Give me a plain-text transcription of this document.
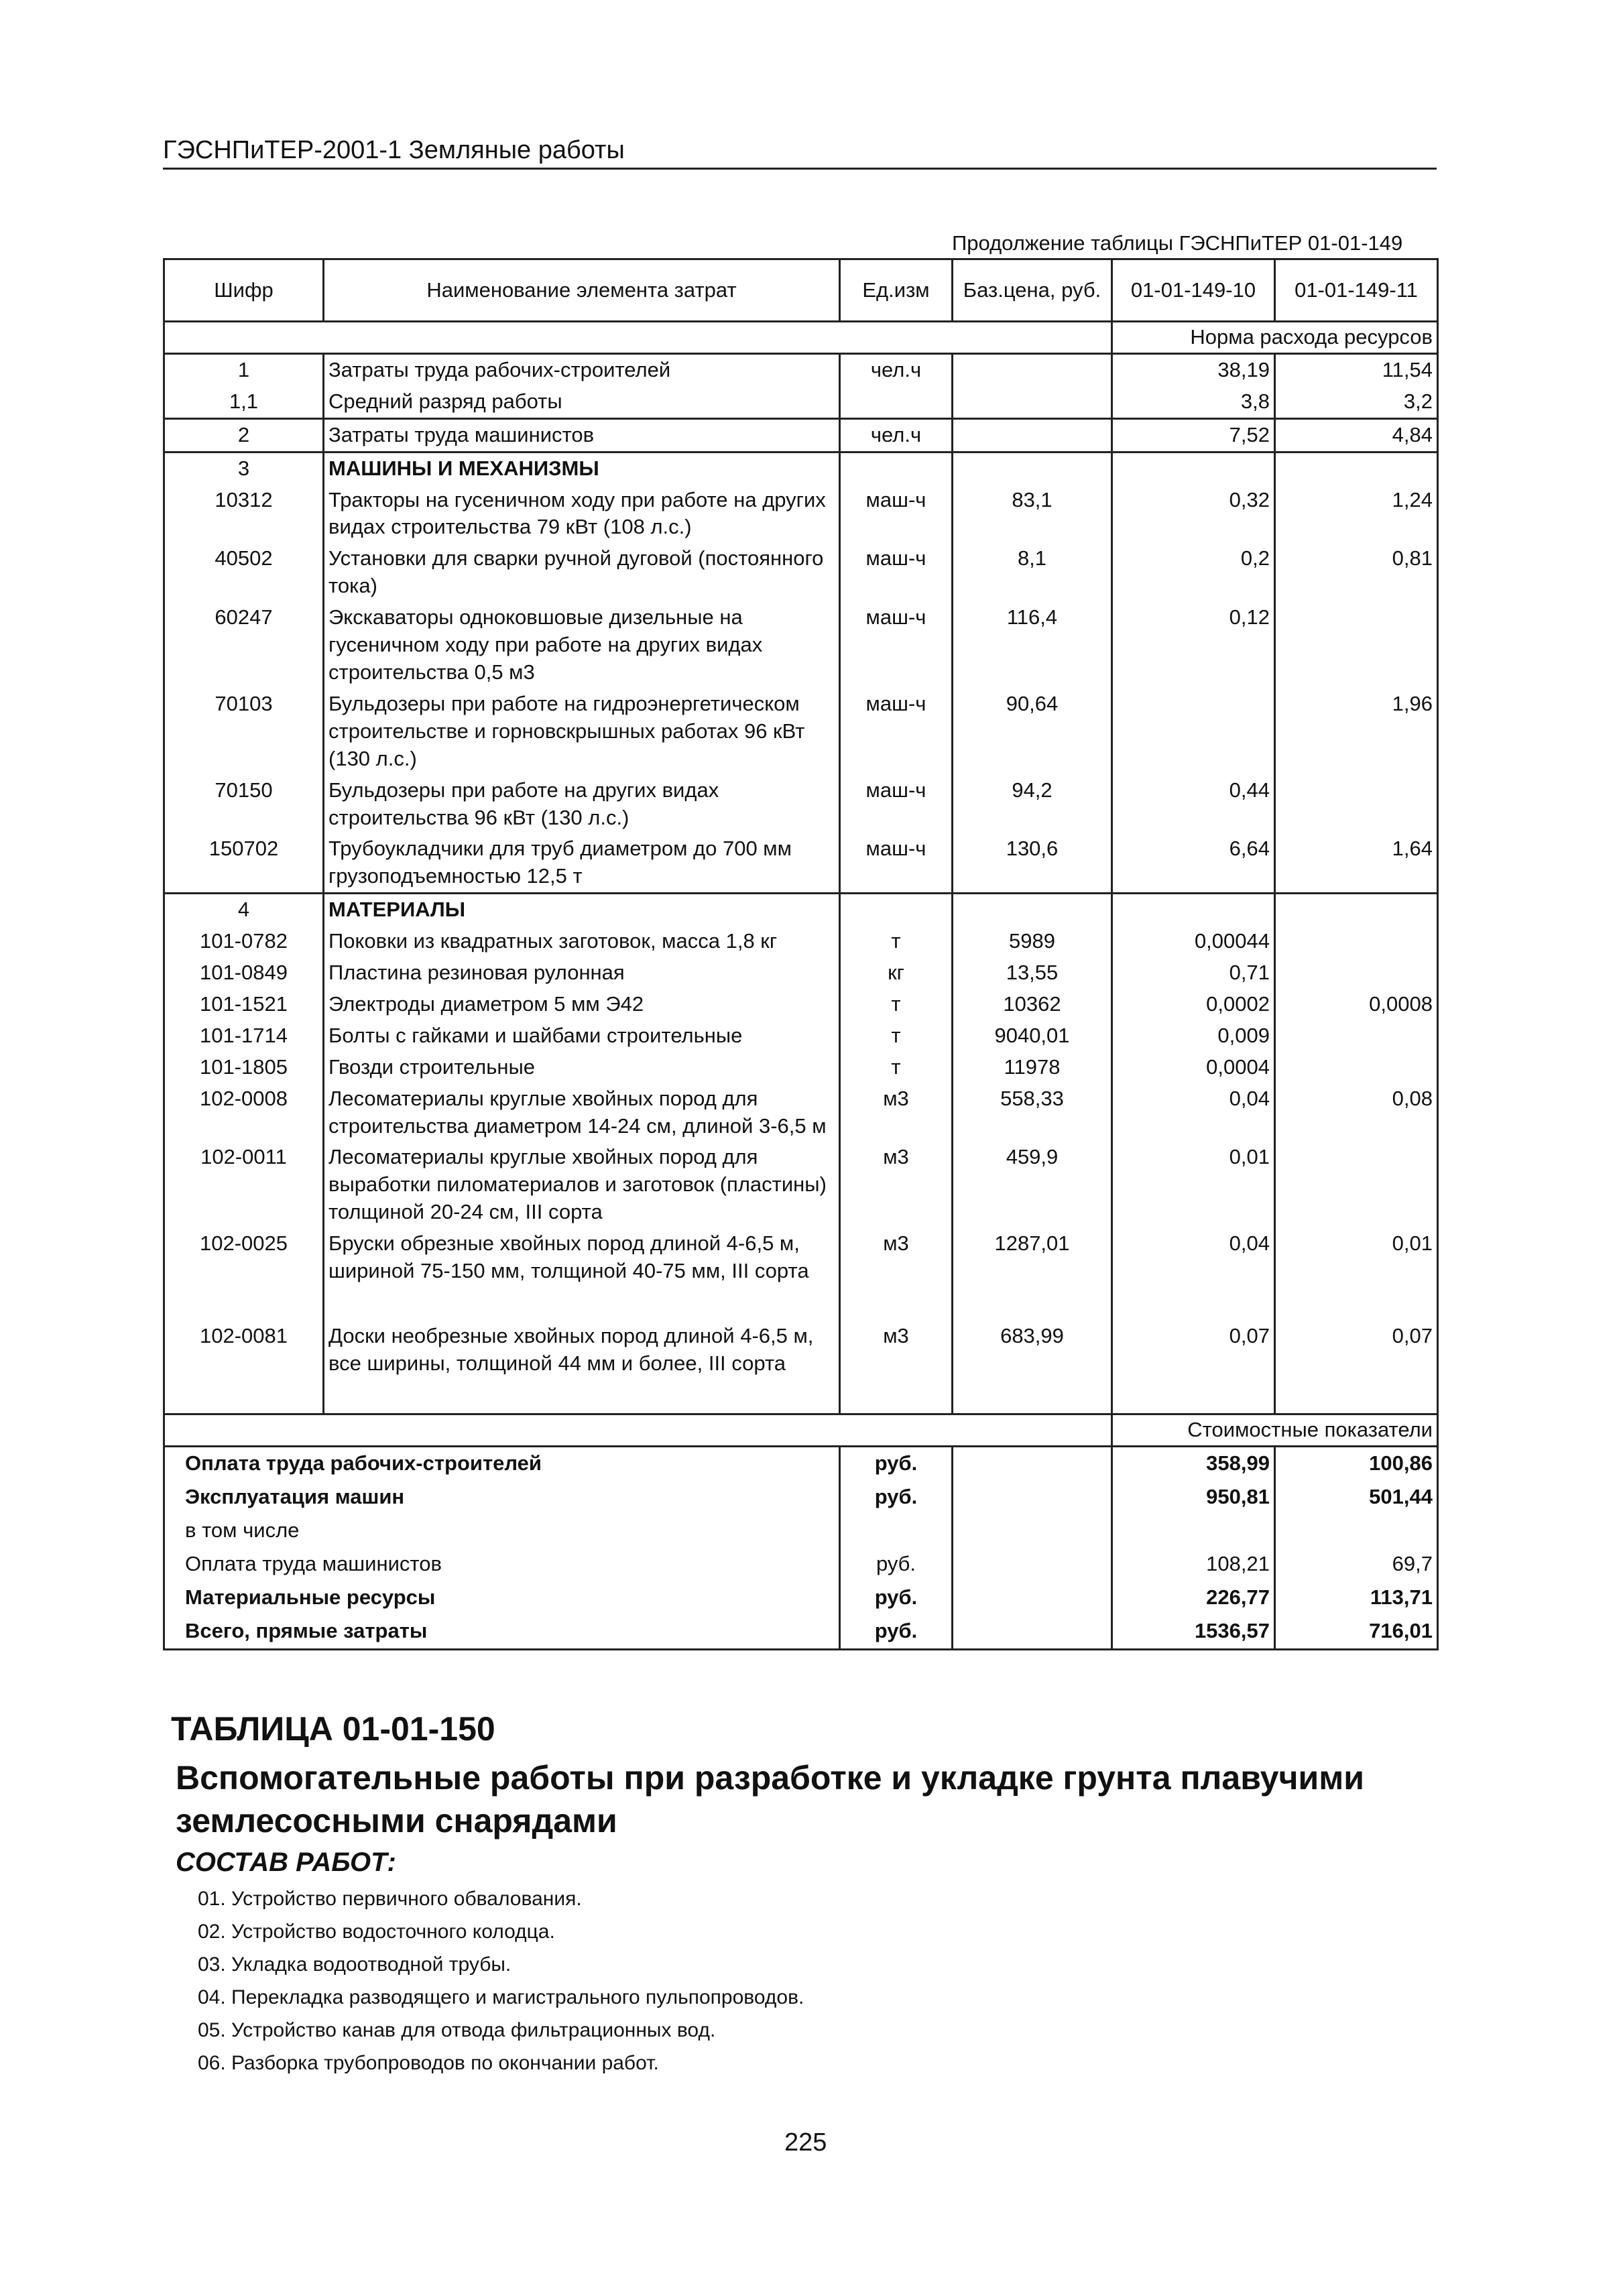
ГЭСНПиТЕР-2001-1 Земляные работы
Продолжение таблицы ГЭСНПиТЕР 01-01-149
Шифр	Наименование элемента затрат	Ед.изм	Баз.цена, руб.	01-01-149-10	01-01-149-11
				Норма расхода ресурсов	
1	Затраты труда рабочих-строителей	чел.ч		38,19	11,54
1,1	Средний разряд работы			3,8	3,2
2	Затраты труда машинистов	чел.ч		7,52	4,84
3	МАШИНЫ И МЕХАНИЗМЫ				
10312	Тракторы на гусеничном ходу при работе на других видах строительства 79 кВт (108 л.с.)	маш-ч	83,1	0,32	1,24
40502	Установки для сварки ручной дуговой (постоянного тока)	маш-ч	8,1	0,2	0,81
60247	Экскаваторы одноковшовые дизельные на гусеничном ходу при работе на других видах строительства 0,5 м3	маш-ч	116,4	0,12	
70103	Бульдозеры при работе на гидроэнергетическом строительстве и горновскрышных работах 96 кВт (130 л.с.)	маш-ч	90,64		1,96
70150	Бульдозеры при работе на других видах строительства 96 кВт (130 л.с.)	маш-ч	94,2	0,44	
150702	Трубоукладчики для труб диаметром до 700 мм грузоподъемностью 12,5 т	маш-ч	130,6	6,64	1,64
4	МАТЕРИАЛЫ				
101-0782	Поковки из квадратных заготовок, масса 1,8 кг	т	5989	0,00044	
101-0849	Пластина резиновая рулонная	кг	13,55	0,71	
101-1521	Электроды диаметром 5 мм Э42	т	10362	0,0002	0,0008
101-1714	Болты с гайками и шайбами строительные	т	9040,01	0,009	
101-1805	Гвозди строительные	т	11978	0,0004	
102-0008	Лесоматериалы круглые хвойных пород для строительства диаметром 14-24 см, длиной 3-6,5 м	м3	558,33	0,04	0,08
102-0011	Лесоматериалы круглые хвойных пород для выработки пиломатериалов и заготовок (пластины) толщиной 20-24 см, III сорта	м3	459,9	0,01	
102-0025	Бруски обрезные хвойных пород длиной 4-6,5 м, шириной 75-150 мм, толщиной 40-75 мм, III сорта	м3	1287,01	0,04	0,01

102-0081	Доски необрезные хвойных пород длиной 4-6,5 м, все ширины, толщиной 44 мм и более, III сорта	м3	683,99	0,07	0,07

				Стоимостные показатели	
Оплата труда рабочих-строителей		руб.		358,99	100,86
Эксплуатация машин		руб.		950,81	501,44
в том числе					
Оплата труда машинистов		руб.		108,21	69,7
Материальные ресурсы		руб.		226,77	113,71
Всего, прямые затраты		руб.		1536,57	716,01
ТАБЛИЦА 01-01-150
Вспомогательные работы при разработке и укладке грунта плавучими землесосными снарядами
СОСТАВ РАБОТ:
01. Устройство первичного обвалования.
02. Устройство водосточного колодца.
03. Укладка водоотводной трубы.
04. Перекладка разводящего и магистрального пульпопроводов.
05. Устройство канав для отвода фильтрационных вод.
06. Разборка трубопроводов по окончании работ.
225
